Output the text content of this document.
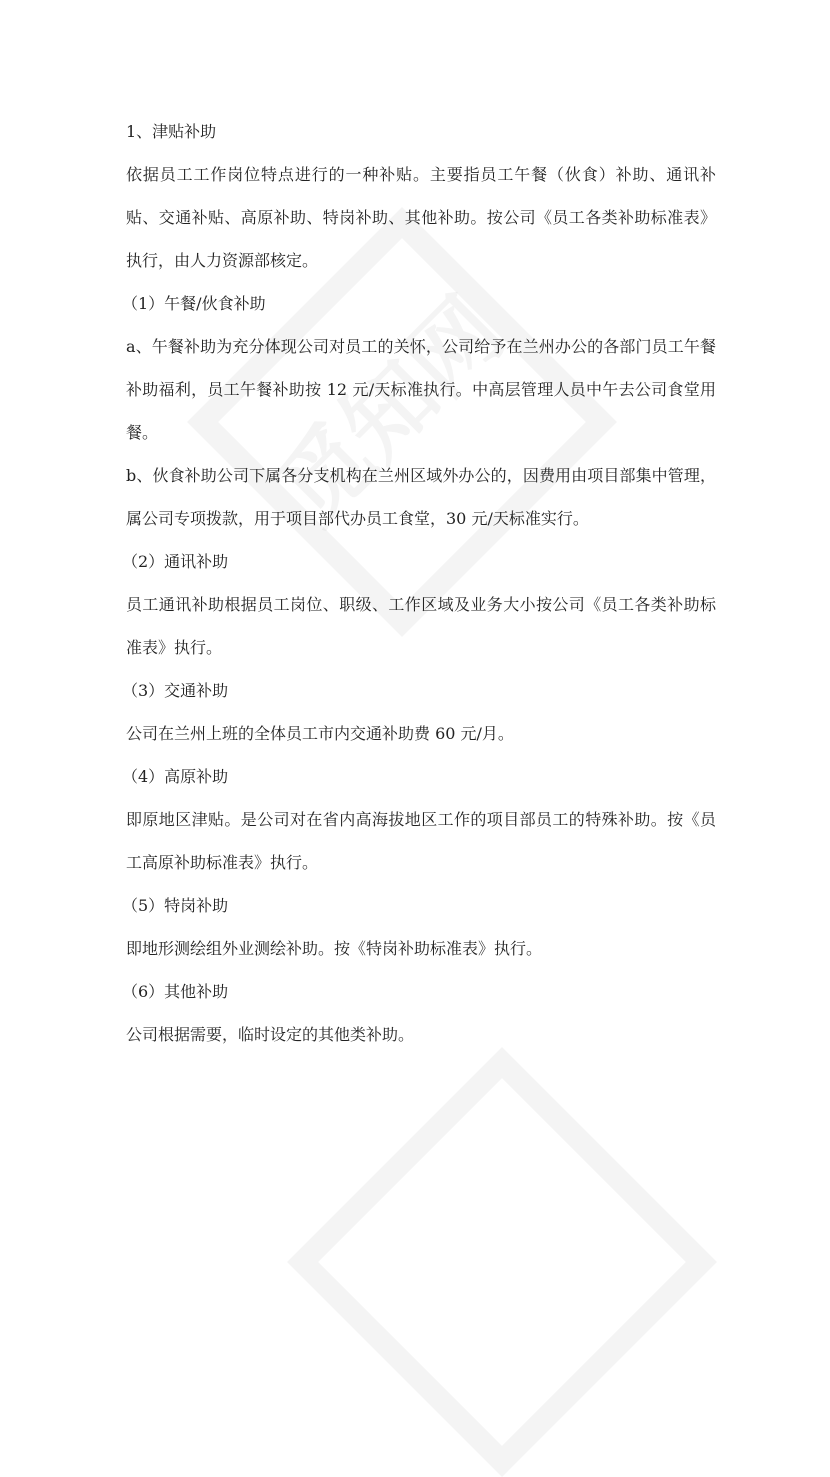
1、津贴补助

依据员工工作岗位特点进行的一种补贴。主要指员工午餐（伙食）补助、通讯补贴、交通补贴、高原补助、特岗补助、其他补助。按公司《员工各类补助标准表》执行，由人力资源部核定。

（1）午餐/伙食补助

a、午餐补助为充分体现公司对员工的关怀，公司给予在兰州办公的各部门员工午餐补助福利，员工午餐补助按 12 元/天标准执行。中高层管理人员中午去公司食堂用餐。

b、伙食补助公司下属各分支机构在兰州区域外办公的，因费用由项目部集中管理，属公司专项拨款，用于项目部代办员工食堂，30 元/天标准实行。

（2）通讯补助

员工通讯补助根据员工岗位、职级、工作区域及业务大小按公司《员工各类补助标准表》执行。

（3）交通补助

公司在兰州上班的全体员工市内交通补助费 60 元/月。

（4）高原补助

即原地区津贴。是公司对在省内高海拔地区工作的项目部员工的特殊补助。按《员工高原补助标准表》执行。

（5）特岗补助

即地形测绘组外业测绘补助。按《特岗补助标准表》执行。

（6）其他补助

公司根据需要，临时设定的其他类补助。
